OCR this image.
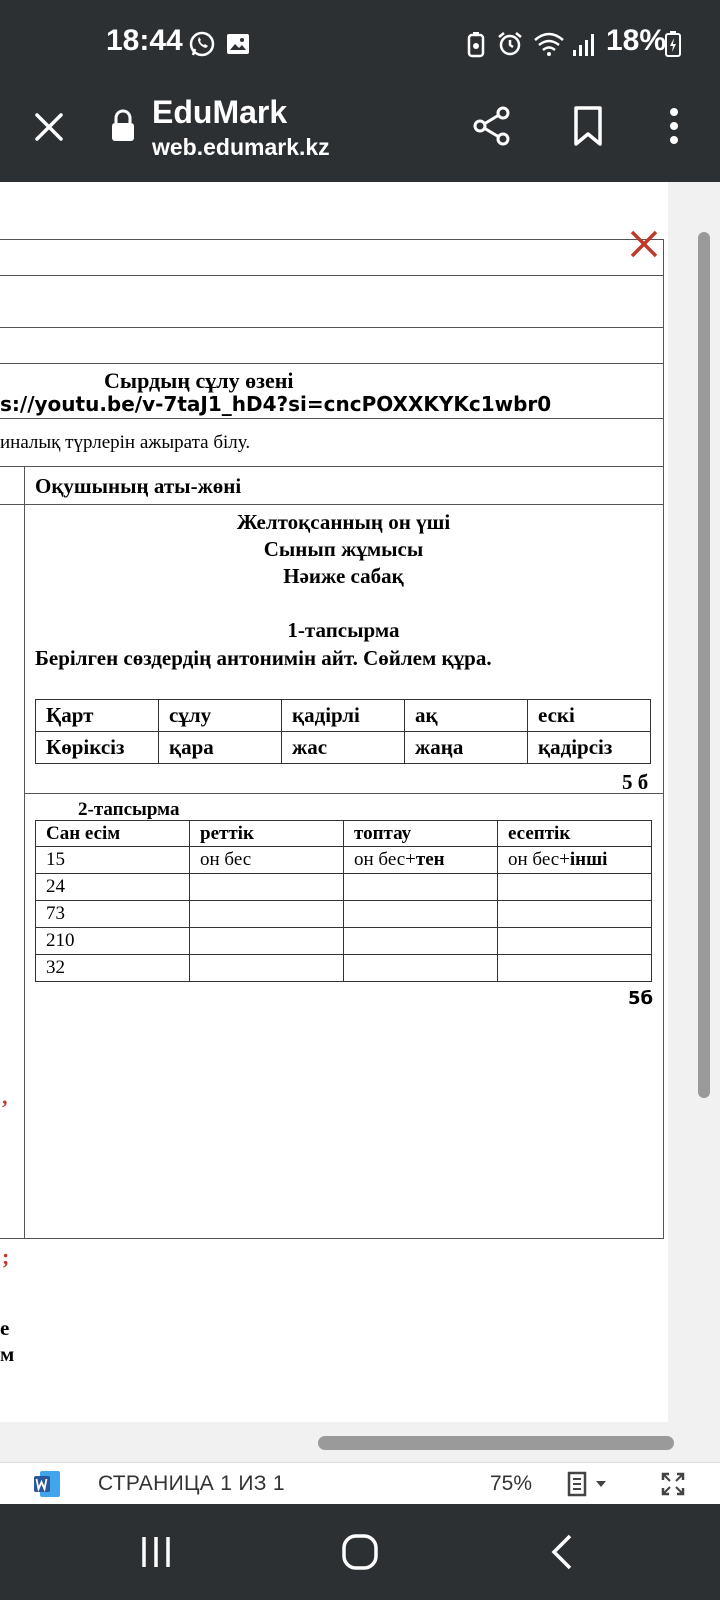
18:44	18%
EduMark
web.edumark.kz
Сырдың сұлу өзені
s://youtu.be/v-7taJ1_hD4?si=cncPOXXKYKc1wbr0
иналық түрлерін ажырата білу.
Оқушының аты-жөні
Желтоқсанның он үші
Сынып жұмысы
Нәиже сабақ
1-тапсырма
Берілген сөздердің антонимін айт. Сөйлем құра.
Қарт	сұлу	қадірлі	ақ	ескі
Көріксіз	қара	жас	жаңа	қадірсіз
5 б
2-тапсырма
Сан есім	реттік	топтау	есептік
15	он бес	он бес+тен	он бес+інші
24			
73			
210			
32			
5б
,
;
е
м
СТРАНИЦА 1 ИЗ 1	75%
